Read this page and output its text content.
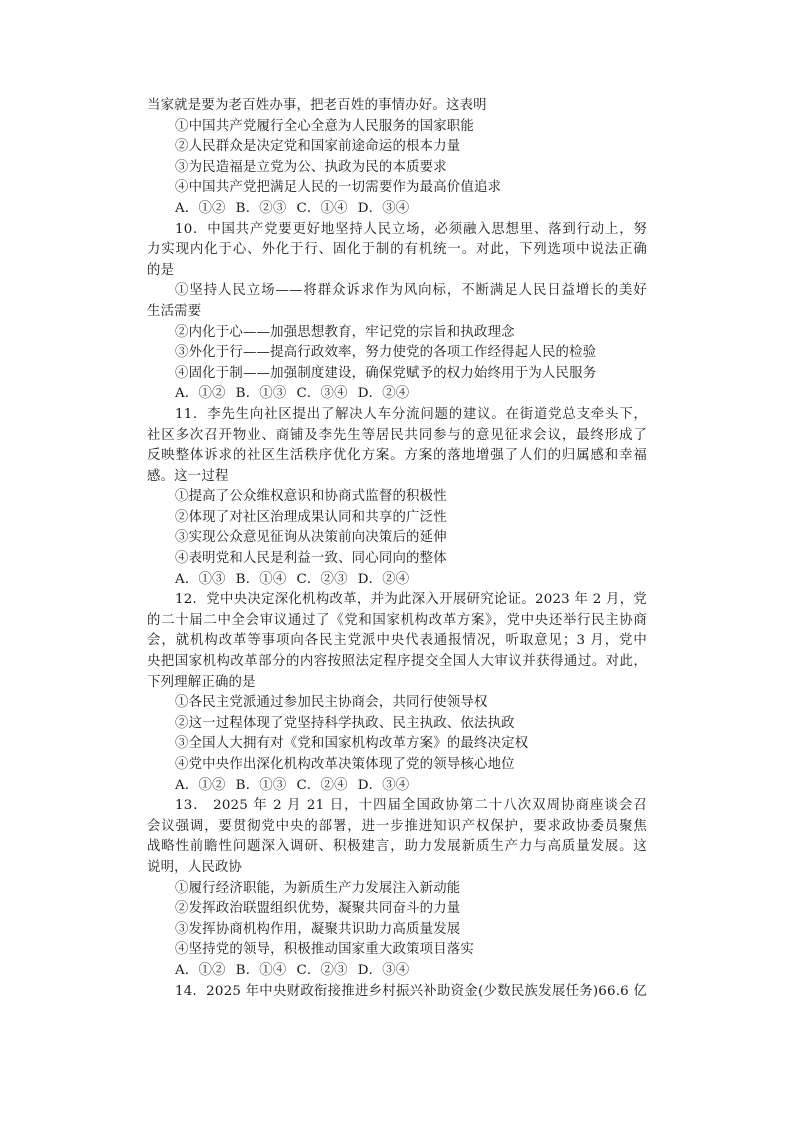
当家就是要为老百姓办事，把老百姓的事情办好。这表明
①中国共产党履行全心全意为人民服务的国家职能
②人民群众是决定党和国家前途命运的根本力量
③为民造福是立党为公、执政为民的本质要求
④中国共产党把满足人民的一切需要作为最高价值追求
A．①② B．②③ C．①④ D．③④
10．中国共产党要更好地坚持人民立场，必须融入思想里、落到行动上，努
力实现内化于心、外化于行、固化于制的有机统一。对此，下列选项中说法正确
的是
①坚持人民立场——将群众诉求作为风向标，不断满足人民日益增长的美好
生活需要
②内化于心——加强思想教育，牢记党的宗旨和执政理念
③外化于行——提高行政效率，努力使党的各项工作经得起人民的检验
④固化于制——加强制度建设，确保党赋予的权力始终用于为人民服务
A．①② B．①③ C．③④ D．②④
11．李先生向社区提出了解决人车分流问题的建议。在街道党总支牵头下，
社区多次召开物业、商铺及李先生等居民共同参与的意见征求会议，最终形成了
反映整体诉求的社区生活秩序优化方案。方案的落地增强了人们的归属感和幸福
感。这一过程
①提高了公众维权意识和协商式监督的积极性
②体现了对社区治理成果认同和共享的广泛性
③实现公众意见征询从决策前向决策后的延伸
④表明党和人民是利益一致、同心同向的整体
A．①③ B．①④ C．②③ D．②④
12．党中央决定深化机构改革，并为此深入开展研究论证。2023 年 2 月，党
的二十届二中全会审议通过了《党和国家机构改革方案》，党中央还举行民主协商
会，就机构改革等事项向各民主党派中央代表通报情况，听取意见；3 月，党中
央把国家机构改革部分的内容按照法定程序提交全国人大审议并获得通过。对此，
下列理解正确的是
①各民主党派通过参加民主协商会，共同行使领导权
②这一过程体现了党坚持科学执政、民主执政、依法执政
③全国人大拥有对《党和国家机构改革方案》的最终决定权
④党中央作出深化机构改革决策体现了党的领导核心地位
A．①② B．①③ C．②④ D．③④
13． 2025 年 2 月 21 日，十四届全国政协第二十八次双周协商座谈会召
会议强调，要贯彻党中央的部署，进一步推进知识产权保护，要求政协委员聚焦
战略性前瞻性问题深入调研、积极建言，助力发展新质生产力与高质量发展。这
说明，人民政协
①履行经济职能，为新质生产力发展注入新动能
②发挥政治联盟组织优势，凝聚共同奋斗的力量
③发挥协商机构作用，凝聚共识助力高质量发展
④坚持党的领导，积极推动国家重大政策项目落实
A．①② B．①④ C．②③ D．③④
14．2025 年中央财政衔接推进乡村振兴补助资金(少数民族发展任务)66.6 亿
